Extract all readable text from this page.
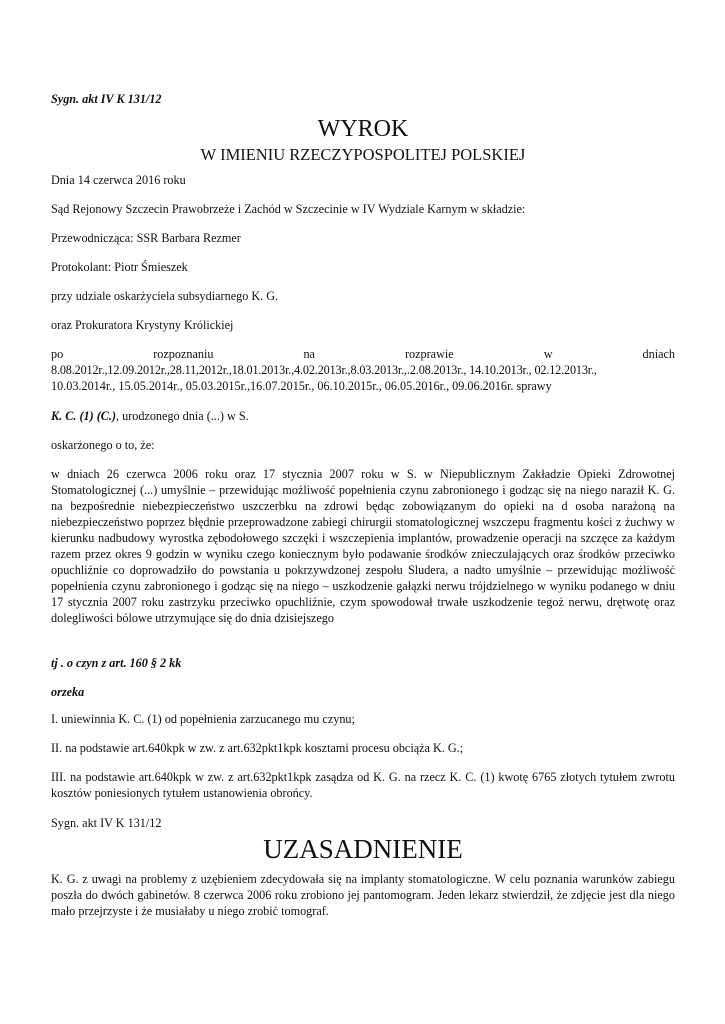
Sygn. akt IV K 131/12

WYROK
W IMIENIU RZECZYPOSPOLITEJ POLSKIEJ

Dnia 14 czerwca 2016 roku

Sąd Rejonowy Szczecin Prawobrzeże i Zachód w Szczecinie w IV Wydziale Karnym w składzie:

Przewodnicząca: SSR Barbara Rezmer

Protokolant: Piotr Śmieszek

przy udziale oskarżyciela subsydiarnego K. G.

oraz Prokuratora Krystyny Królickiej

po	rozpoznaniu	na	rozprawie	w	dniach

8.08.2012r.,12.09.2012r.,28.11,2012r.,18.01.2013r.,4.02.2013r.,8.03.2013r.,.2.08.2013r., 14.10.2013r., 02.12.2013r.,

10.03.2014r., 15.05.2014r., 05.03.2015r.,16.07.2015r., 06.10.2015r., 06.05.2016r., 09.06.2016r. sprawy

K. C. (1) (C.), urodzonego dnia (...) w S.

oskarżonego o to, że:

w dniach 26 czerwca 2006 roku oraz 17 stycznia 2007 roku w S. w Niepublicznym Zakładzie Opieki Zdrowotnej Stomatologicznej (...) umyślnie – przewidując możliwość popełnienia czynu zabronionego i godząc się na niego naraził K. G. na bezpośrednie niebezpieczeństwo uszczerbku na zdrowi będąc zobowiązanym do opieki na d osoba narażoną na niebezpieczeństwo poprzez błędnie przeprowadzone zabiegi chirurgii stomatologicznej wszczepu fragmentu kości z żuchwy w kierunku nadbudowy wyrostka zębodołowego szczęki i wszczepienia implantów, prowadzenie operacji na szczęce za każdym razem przez okres 9 godzin w wyniku czego koniecznym było podawanie środków znieczulających oraz środków przeciwko opuchliźnie co doprowadziło do powstania u pokrzywdzonej zespołu Sludera, a nadto umyślnie – przewidując możliwość popełnienia czynu zabronionego i godząc się na niego – uszkodzenie gałązki nerwu trójdzielnego w wyniku podanego w dniu 17 stycznia 2007 roku zastrzyku przeciwko opuchliźnie, czym spowodował trwałe uszkodzenie tegoż nerwu, drętwotę oraz dolegliwości bólowe utrzymujące się do dnia dzisiejszego

tj . o czyn z art. 160 § 2 kk

orzeka

I. uniewinnia K. C. (1) od popełnienia zarzucanego mu czynu;

II. na podstawie art.640kpk w zw. z art.632pkt1kpk kosztami procesu obciąża K. G.;

III. na podstawie art.640kpk w zw. z art.632pkt1kpk zasądza od K. G. na rzecz K. C. (1) kwotę 6765 złotych tytułem zwrotu kosztów poniesionych tytułem ustanowienia obrońcy.

Sygn. akt IV K 131/12

UZASADNIENIE

K. G. z uwagi na problemy z uzębieniem zdecydowała się na implanty stomatologiczne. W celu poznania warunków zabiegu poszła do dwóch gabinetów. 8 czerwca 2006 roku zrobiono jej pantomogram. Jeden lekarz stwierdził, że zdjęcie jest dla niego mało przejrzyste i że musiałaby u niego zrobić tomograf.
